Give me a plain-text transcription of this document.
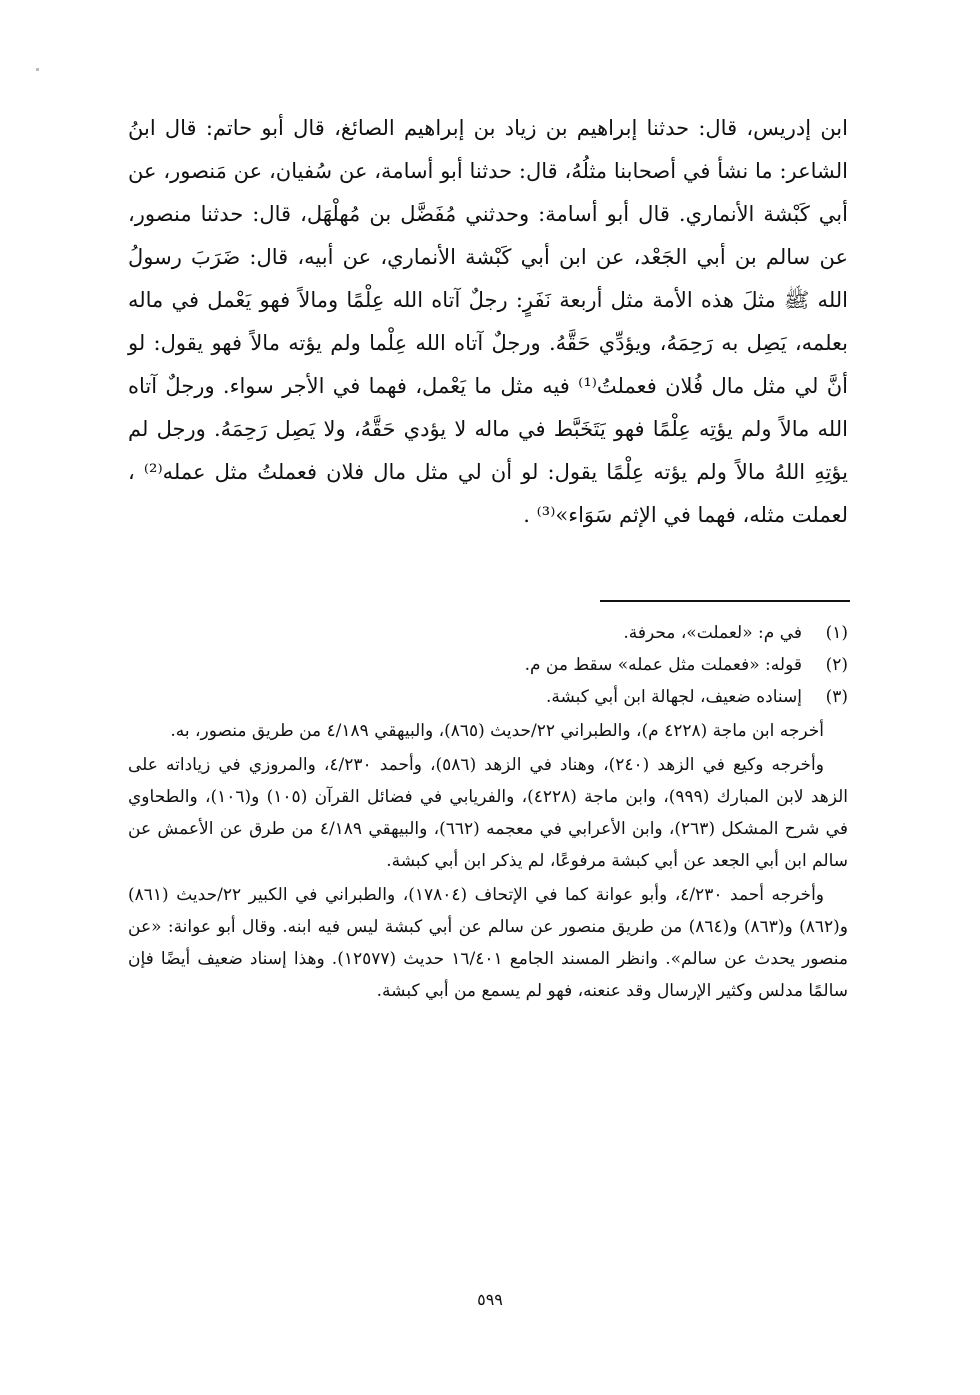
ابن إدريس، قال: حدثنا إبراهيم بن زياد بن إبراهيم الصائغ، قال أبو حاتم: قال ابنُ الشاعر: ما نشأ في أصحابنا مثلُهُ، قال: حدثنا أبو أسامة، عن سُفيان، عن مَنصور، عن أبي كَبْشة الأنماري. قال أبو أسامة: وحدثني مُفَضَّل بن مُهلْهَل، قال: حدثنا منصور، عن سالم بن أبي الجَعْد، عن ابن أبي كَبْشة الأنماري، عن أبيه، قال: ضَرَبَ رسولُ الله ﷺ مثلَ هذه الأمة مثل أربعة نَفَرٍ: رجلٌ آتاه الله عِلْمًا ومالاً فهو يَعْمل في ماله بعلمه، يَصِل به رَحِمَهُ، ويؤدِّي حَقَّهُ. ورجلٌ آتاه الله عِلْما ولم يؤته مالاً فهو يقول: لو أنَّ لي مثل مال فُلان فعملتُ⁽¹⁾ فيه مثل ما يَعْمل، فهما في الأجر سواء. ورجلٌ آتاه الله مالاً ولم يؤتِه عِلْمًا فهو يَتَخَبَّط في ماله لا يؤدي حَقَّهُ، ولا يَصِل رَحِمَهُ. ورجل لم يؤتِهِ اللهُ مالاً ولم يؤته عِلْمًا يقول: لو أن لي مثل مال فلان فعملتُ مثل عمله⁽²⁾ ، لعملت مثله، فهما في الإثم سَوَاء»⁽³⁾ .

(١)
في م: «لعملت»، محرفة.
(٢)
قوله: «فعملت مثل عمله» سقط من م.
(٣)
إسناده ضعيف، لجهالة ابن أبي كبشة.

أخرجه ابن ماجة (٤٢٢٨ م)، والطبراني ٢٢/حديث (٨٦٥)، والبيهقي ٤/١٨٩ من طريق منصور، به.

وأخرجه وكيع في الزهد (٢٤٠)، وهناد في الزهد (٥٨٦)، وأحمد ٤/٢٣٠، والمروزي في زياداته على الزهد لابن المبارك (٩٩٩)، وابن ماجة (٤٢٢٨)، والفريابي في فضائل القرآن (١٠٥) و(١٠٦)، والطحاوي في شرح المشكل (٢٦٣)، وابن الأعرابي في معجمه (٦٦٢)، والبيهقي ٤/١٨٩ من طرق عن الأعمش عن سالم ابن أبي الجعد عن أبي كبشة مرفوعًا، لم يذكر ابن أبي كبشة.

وأخرجه أحمد ٤/٢٣٠، وأبو عوانة كما في الإتحاف (١٧٨٠٤)، والطبراني في الكبير ٢٢/حديث (٨٦١) و(٨٦٢) و(٨٦٣) و(٨٦٤) من طريق منصور عن سالم عن أبي كبشة ليس فيه ابنه. وقال أبو عوانة: «عن منصور يحدث عن سالم». وانظر المسند الجامع ١٦/٤٠١ حديث (١٢٥٧٧). وهذا إسناد ضعيف أيضًا فإن سالمًا مدلس وكثير الإرسال وقد عنعنه، فهو لم يسمع من أبي كبشة.

٥٩٩
